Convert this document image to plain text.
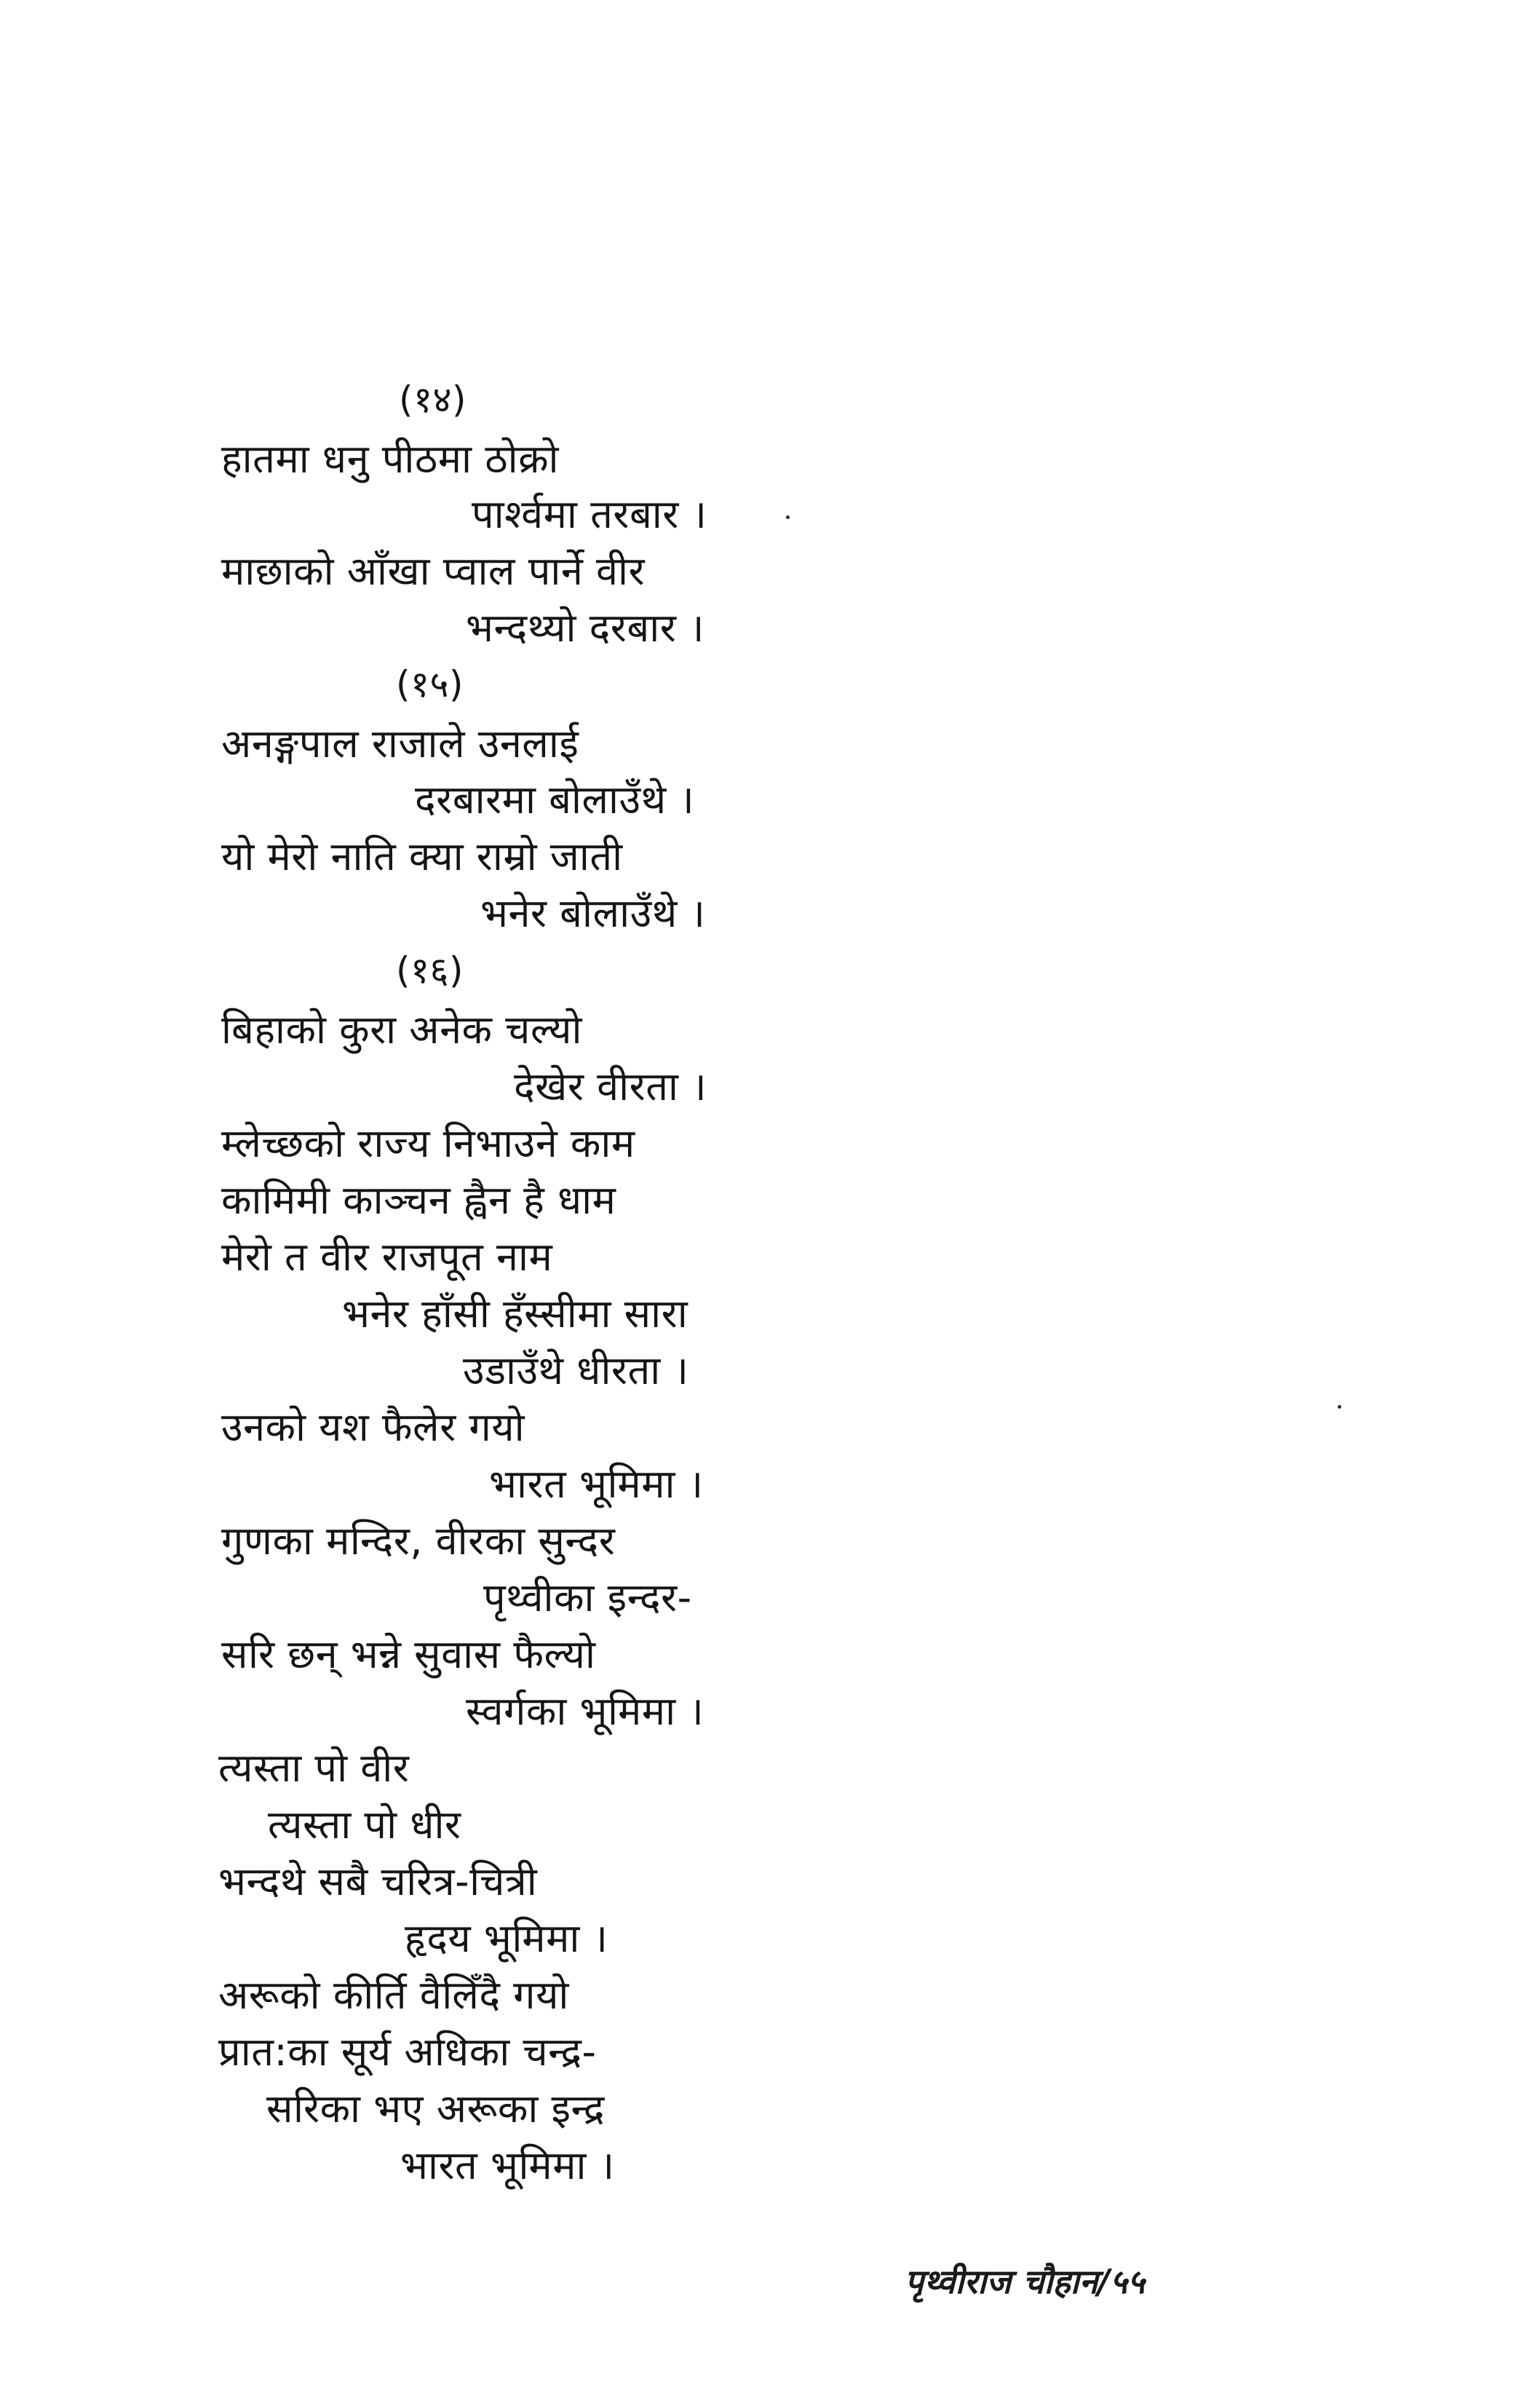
(१४)
हातमा धनु पीठमा ठोक्रो
पार्श्वमा तरबार ।
माछाको आँखा प्वाल पार्ने वीर
भन्दथ्यो दरबार ।
(१५)
अनङ्गपाल राजाले उनलाई
दरबारमा बोलाउँथे ।
यो मेरो नाति क्या राम्रो जाती
भनेर बोलाउँथे ।
(१६)
बिहाको कुरा अनेक चल्यो
देखेर वीरता ।
म्लेच्छको राज्य निभाउने काम
कामिमी काञ्चन ह्वैन है धाम
मेरो त वीर राजपूत नाम
भनेर हाँसी हँस्सीमा सारा
उडाउँथे धीरता ।
उनको यश फैलेर गयो
भारत भूमिमा ।
गुणका मन्दिर, वीरका सुन्दर
पृथ्वीका इन्दर-
सरि छन् भन्ने सुवास फैल्यो
स्वर्गका भूमिमा ।
त्यस्ता पो वीर
त्यस्ता पो धीर
भन्दथे सबै चरित्र-चित्री
हृदय भूमिमा ।
अरूको कीर्ति वैलिँदै गयो
प्रात:का सूर्य अधिका चन्द्र-
सरिका भए अरूका इन्द्र
भारत भूमिमा ।
पृथ्वीराज चौहान/५५
